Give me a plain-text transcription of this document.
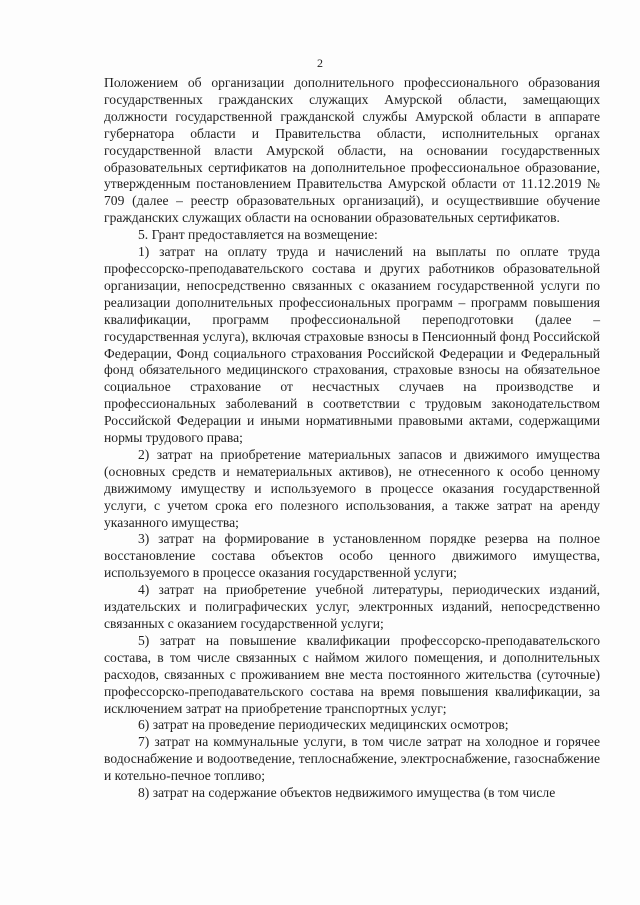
2

Положением об организации дополнительного профессионального образования государственных гражданских служащих Амурской области, замещающих должности государственной гражданской службы Амурской области в аппарате губернатора области и Правительства области, исполнительных органах государственной власти Амурской области, на основании государственных образовательных сертификатов на дополнительное профессиональное образование, утвержденным постановлением Правительства Амурской области от 11.12.2019 № 709 (далее – реестр образовательных организаций), и осуществившие обучение гражданских служащих области на основании образовательных сертификатов.

5. Грант предоставляется на возмещение:

1) затрат на оплату труда и начислений на выплаты по оплате труда профессорско-преподавательского состава и других работников образовательной организации, непосредственно связанных с оказанием государственной услуги по реализации дополнительных профессиональных программ – программ повышения квалификации, программ профессиональной переподготовки (далее – государственная услуга), включая страховые взносы в Пенсионный фонд Российской Федерации, Фонд социального страхования Российской Федерации и Федеральный фонд обязательного медицинского страхования, страховые взносы на обязательное социальное страхование от несчастных случаев на производстве и профессиональных заболеваний в соответствии с трудовым законодательством Российской Федерации и иными нормативными правовыми актами, содержащими нормы трудового права;

2) затрат на приобретение материальных запасов и движимого имущества (основных средств и нематериальных активов), не отнесенного к особо ценному движимому имуществу и используемого в процессе оказания государственной услуги, с учетом срока его полезного использования, а также затрат на аренду указанного имущества;

3) затрат на формирование в установленном порядке резерва на полное восстановление состава объектов особо ценного движимого имущества, используемого в процессе оказания государственной услуги;

4) затрат на приобретение учебной литературы, периодических изданий, издательских и полиграфических услуг, электронных изданий, непосредственно связанных с оказанием государственной услуги;

5) затрат на повышение квалификации профессорско-преподавательского состава, в том числе связанных с наймом жилого помещения, и дополнительных расходов, связанных с проживанием вне места постоянного жительства (суточные) профессорско-преподавательского состава на время повышения квалификации, за исключением затрат на приобретение транспортных услуг;

6) затрат на проведение периодических медицинских осмотров;

7) затрат на коммунальные услуги, в том числе затрат на холодное и горячее водоснабжение и водоотведение, теплоснабжение, электроснабжение, газоснабжение и котельно-печное топливо;

8) затрат на содержание объектов недвижимого имущества (в том числе
